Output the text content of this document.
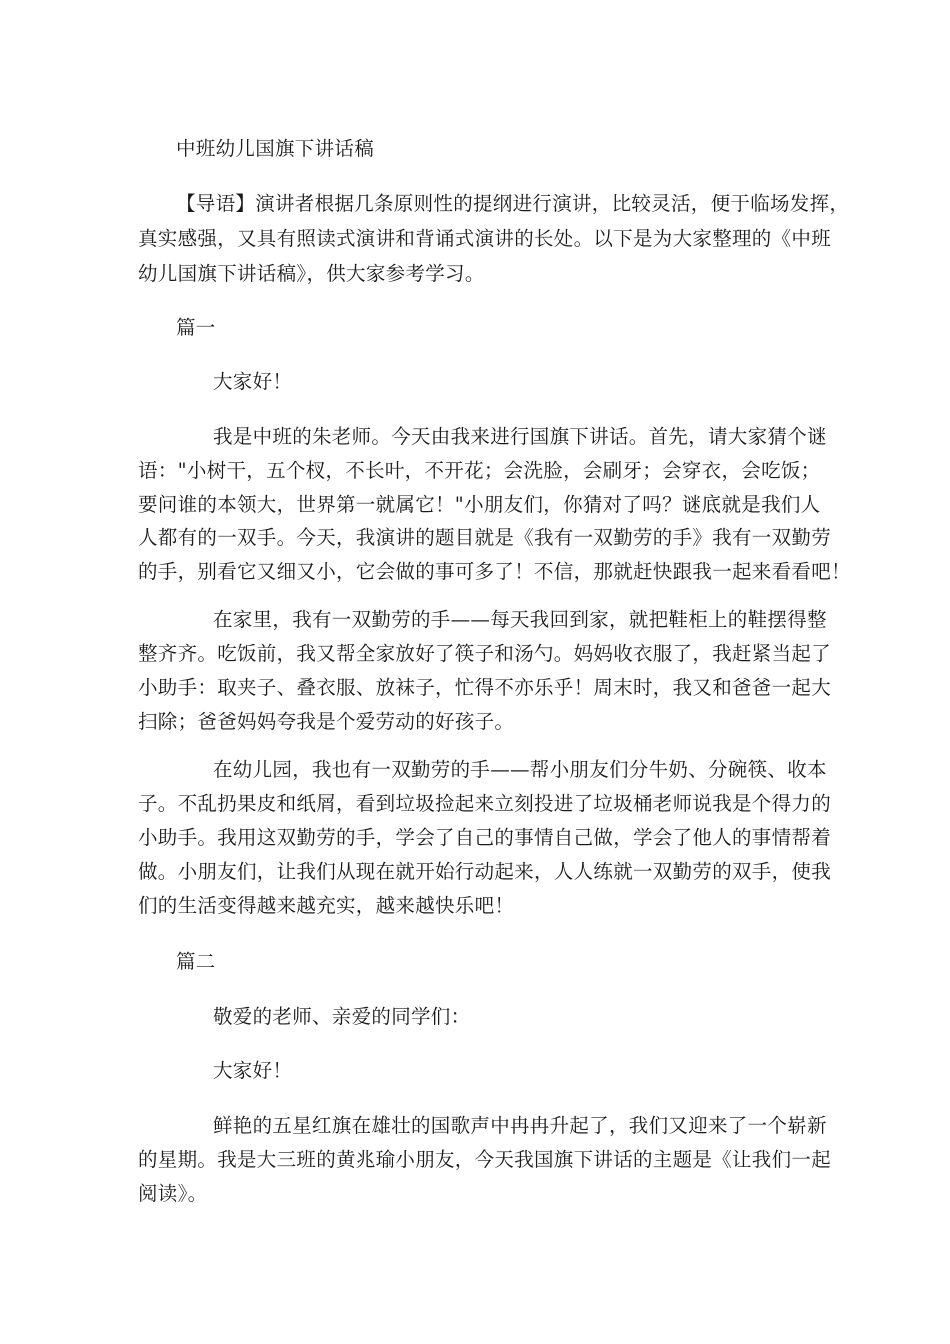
中班幼儿国旗下讲话稿
【导语】演讲者根据几条原则性的提纲进行演讲，比较灵活，便于临场发挥，
真实感强，又具有照读式演讲和背诵式演讲的长处。以下是为大家整理的《中班
幼儿国旗下讲话稿》，供大家参考学习。
篇一
大家好！
我是中班的朱老师。今天由我来进行国旗下讲话。首先，请大家猜个谜
语："小树干，五个杈，不长叶，不开花；会洗脸，会刷牙；会穿衣，会吃饭；
要问谁的本领大，世界第一就属它！"小朋友们，你猜对了吗？谜底就是我们人
人都有的一双手。今天，我演讲的题目就是《我有一双勤劳的手》我有一双勤劳
的手，别看它又细又小，它会做的事可多了！不信，那就赶快跟我一起来看看吧！
在家里，我有一双勤劳的手——每天我回到家，就把鞋柜上的鞋摆得整
整齐齐。吃饭前，我又帮全家放好了筷子和汤勺。妈妈收衣服了，我赶紧当起了
小助手：取夹子、叠衣服、放袜子，忙得不亦乐乎！周末时，我又和爸爸一起大
扫除；爸爸妈妈夸我是个爱劳动的好孩子。
在幼儿园，我也有一双勤劳的手——帮小朋友们分牛奶、分碗筷、收本
子。不乱扔果皮和纸屑，看到垃圾捡起来立刻投进了垃圾桶老师说我是个得力的
小助手。我用这双勤劳的手，学会了自己的事情自己做，学会了他人的事情帮着
做。小朋友们，让我们从现在就开始行动起来，人人练就一双勤劳的双手，使我
们的生活变得越来越充实，越来越快乐吧！
篇二
敬爱的老师、亲爱的同学们：
大家好！
鲜艳的五星红旗在雄壮的国歌声中冉冉升起了，我们又迎来了一个崭新
的星期。我是大三班的黄兆瑜小朋友，今天我国旗下讲话的主题是《让我们一起
阅读》。
